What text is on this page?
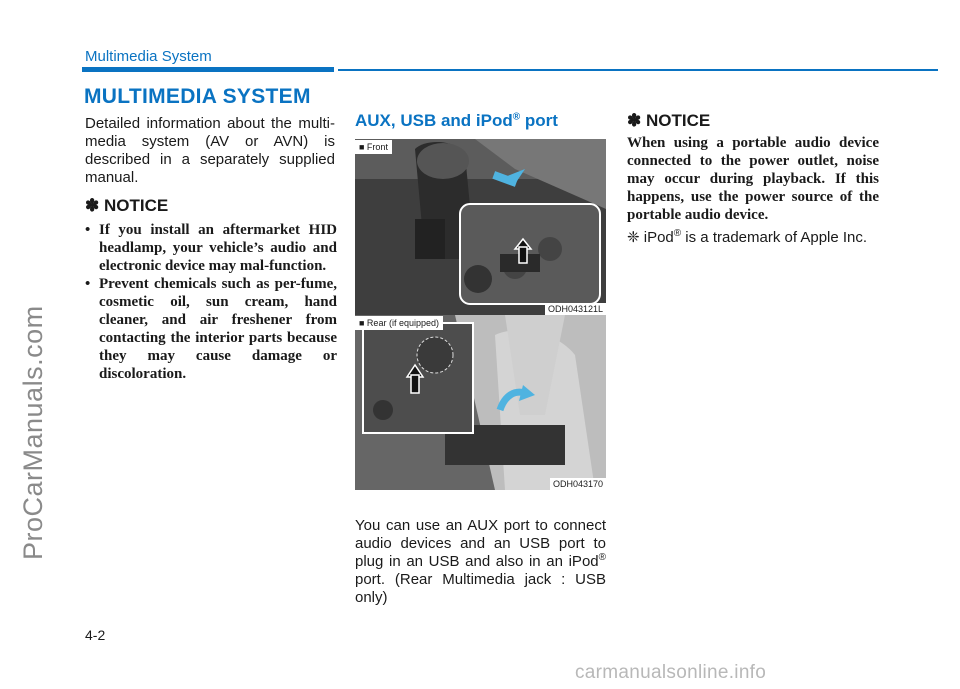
ProCarManuals.com
Multimedia System
MULTIMEDIA SYSTEM
Detailed information about the multi-media system (AV or AVN) is described in a separately supplied manual.
✽ NOTICE
• If you install an aftermarket HID headlamp, your vehicle’s audio and electronic device may mal-function.
• Prevent chemicals such as per-fume, cosmetic oil, sun cream, hand cleaner, and air freshener from contacting the interior parts because they may cause damage or discoloration.
AUX, USB and iPod® port
■ Front
ODH043121L
■ Rear (if equipped)
ODH043170
You can use an AUX port to connect audio devices and an USB port to plug in an USB and also in an iPod® port. (Rear Multimedia jack : USB only)
✽ NOTICE
When using a portable audio device connected to the power outlet, noise may occur during playback. If this happens, use the power source of the portable audio device.
❈ iPod® is a trademark of Apple Inc.
4-2
carmanualsonline.info
